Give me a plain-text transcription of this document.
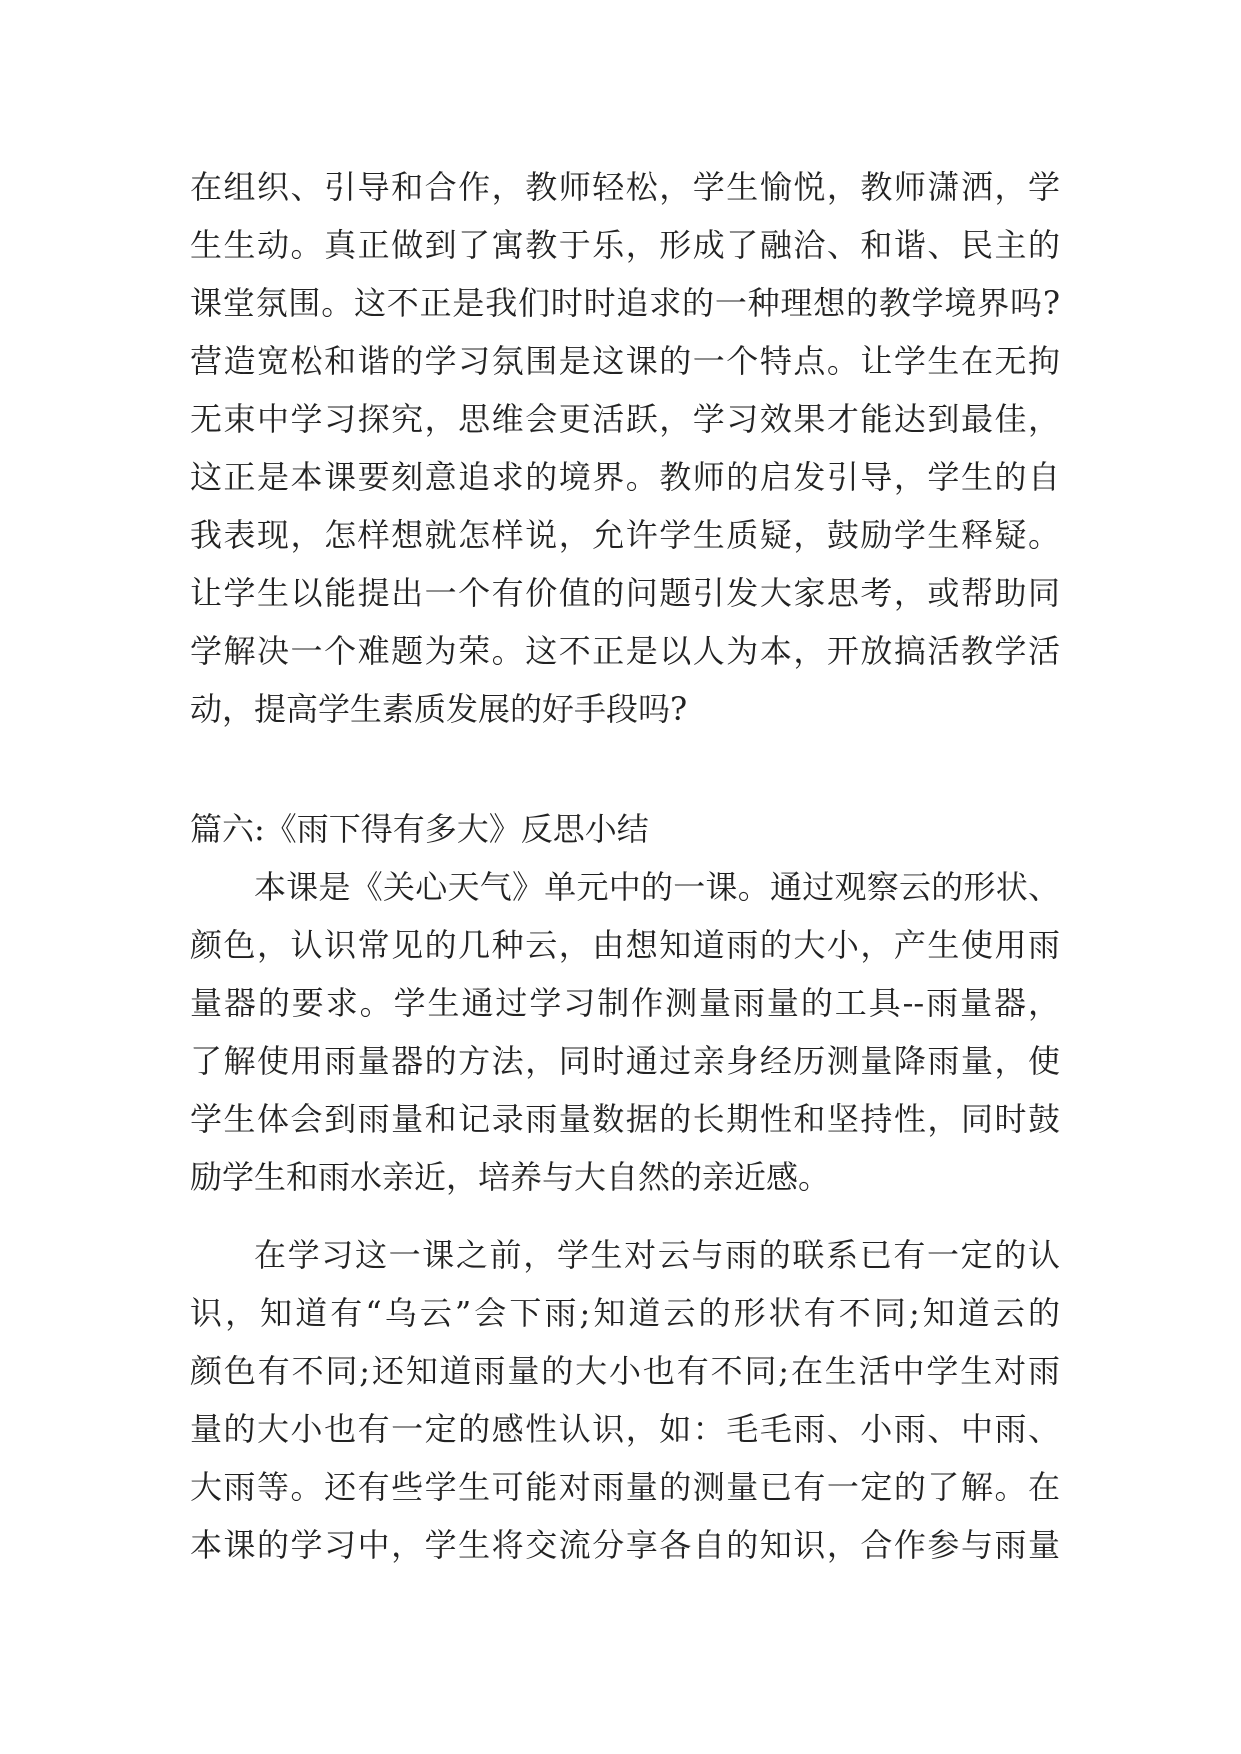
在组织、引导和合作，教师轻松，学生愉悦，教师潇洒，学
生生动。真正做到了寓教于乐，形成了融洽、和谐、民主的
课堂氛围。这不正是我们时时追求的一种理想的教学境界吗?
营造宽松和谐的学习氛围是这课的一个特点。让学生在无拘
无束中学习探究，思维会更活跃，学习效果才能达到最佳，
这正是本课要刻意追求的境界。教师的启发引导，学生的自
我表现，怎样想就怎样说，允许学生质疑，鼓励学生释疑。
让学生以能提出一个有价值的问题引发大家思考，或帮助同
学解决一个难题为荣。这不正是以人为本，开放搞活教学活
动，提高学生素质发展的好手段吗?
篇六:《雨下得有多大》反思小结
本课是《关心天气》单元中的一课。通过观察云的形状、
颜色，认识常见的几种云，由想知道雨的大小，产生使用雨
量器的要求。学生通过学习制作测量雨量的工具--雨量器，
了解使用雨量器的方法，同时通过亲身经历测量降雨量，使
学生体会到雨量和记录雨量数据的长期性和坚持性，同时鼓
励学生和雨水亲近，培养与大自然的亲近感。
在学习这一课之前，学生对云与雨的联系已有一定的认
识，知道有“乌云”会下雨;知道云的形状有不同;知道云的
颜色有不同;还知道雨量的大小也有不同;在生活中学生对雨
量的大小也有一定的感性认识，如：毛毛雨、小雨、中雨、
大雨等。还有些学生可能对雨量的测量已有一定的了解。在
本课的学习中，学生将交流分享各自的知识，合作参与雨量
